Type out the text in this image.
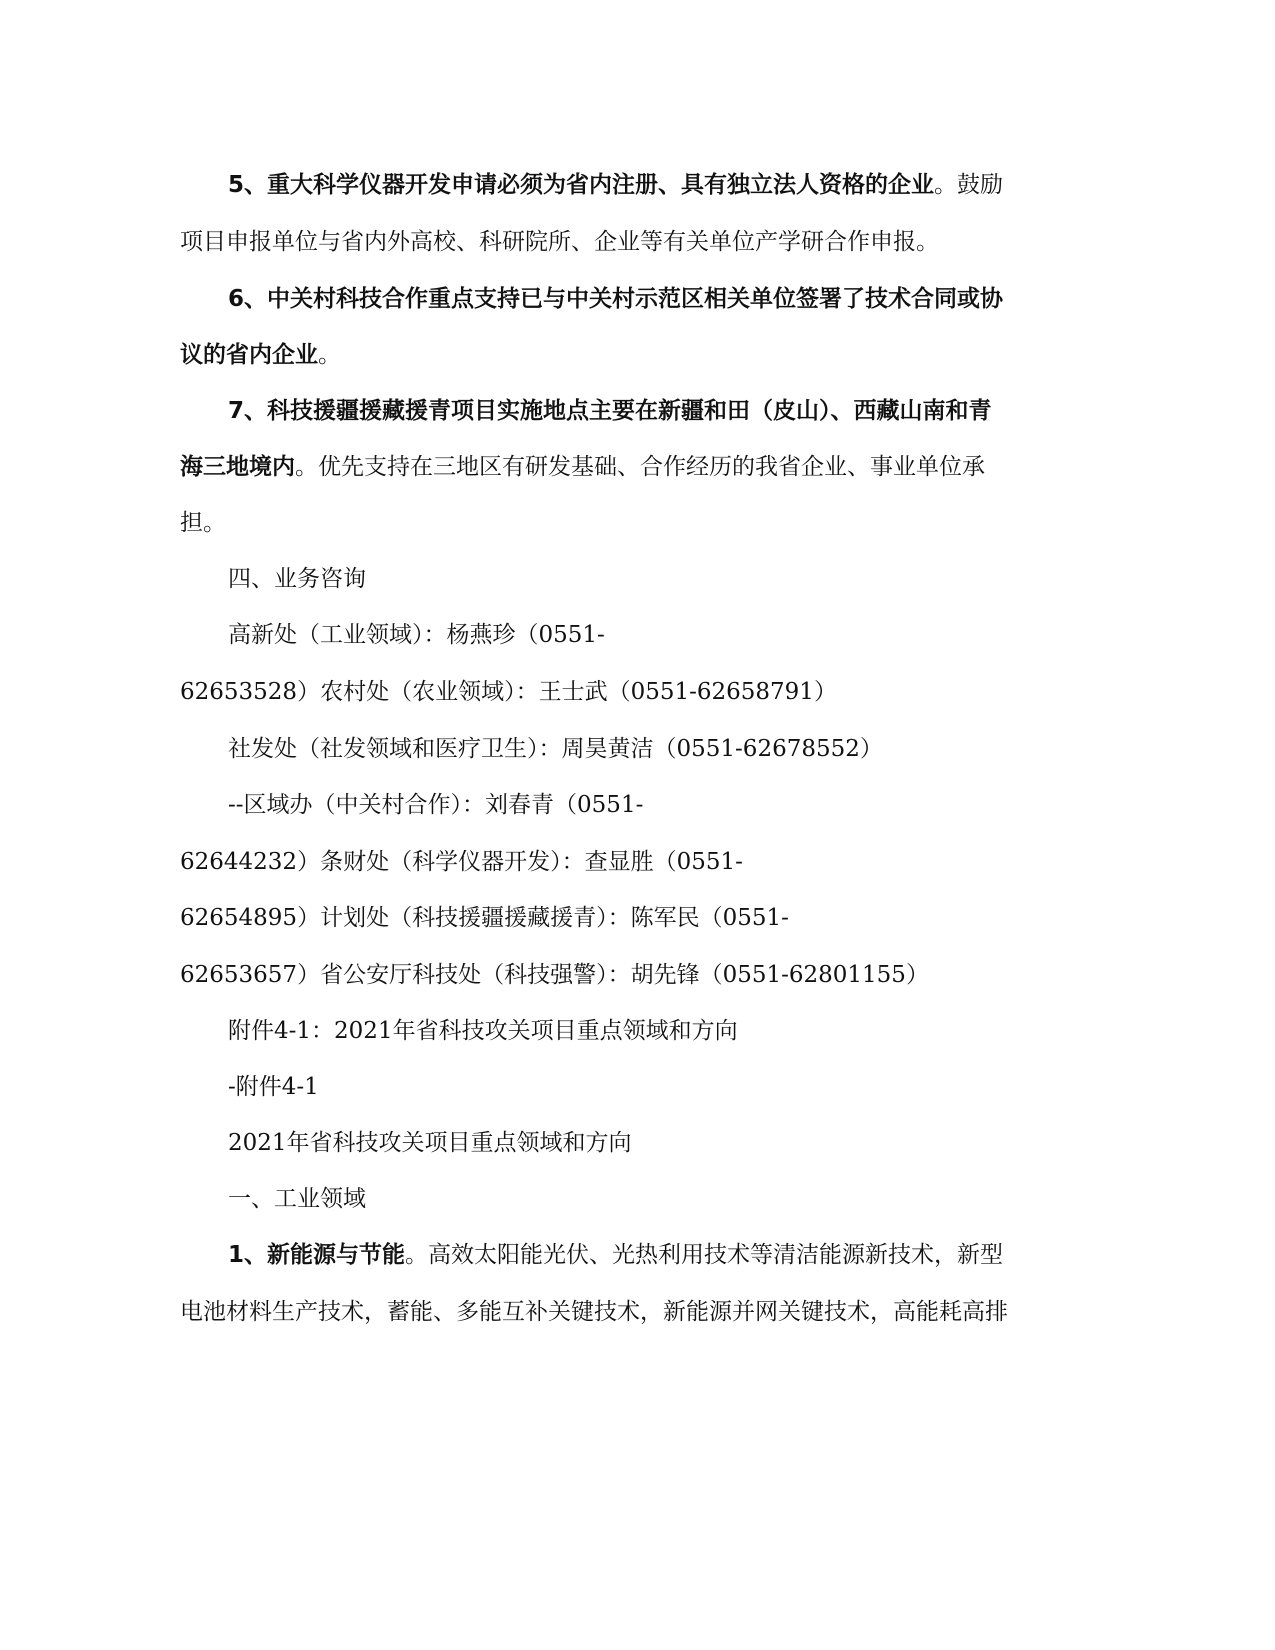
5、重大科学仪器开发申请必须为省内注册、具有独立法人资格的企业。鼓励
项目申报单位与省内外高校、科研院所、企业等有关单位产学研合作申报。
6、中关村科技合作重点支持已与中关村示范区相关单位签署了技术合同或协
议的省内企业。
7、科技援疆援藏援青项目实施地点主要在新疆和田（皮山）、西藏山南和青
海三地境内。优先支持在三地区有研发基础、合作经历的我省企业、事业单位承
担。
四、业务咨询
高新处（工业领域）：杨燕珍（0551-
62653528）农村处（农业领域）：王士武（0551-62658791）
社发处（社发领域和医疗卫生）：周昊黄洁（0551-62678552）
--区域办（中关村合作）：刘春青（0551-
62644232）条财处（科学仪器开发）：查显胜（0551-
62654895）计划处（科技援疆援藏援青）：陈军民（0551-
62653657）省公安厅科技处（科技强警）：胡先锋（0551-62801155）
附件4-1：2021年省科技攻关项目重点领域和方向
-附件4-1
2021年省科技攻关项目重点领域和方向
一、工业领域
1、新能源与节能。高效太阳能光伏、光热利用技术等清洁能源新技术，新型
电池材料生产技术，蓄能、多能互补关键技术，新能源并网关键技术，高能耗高排
